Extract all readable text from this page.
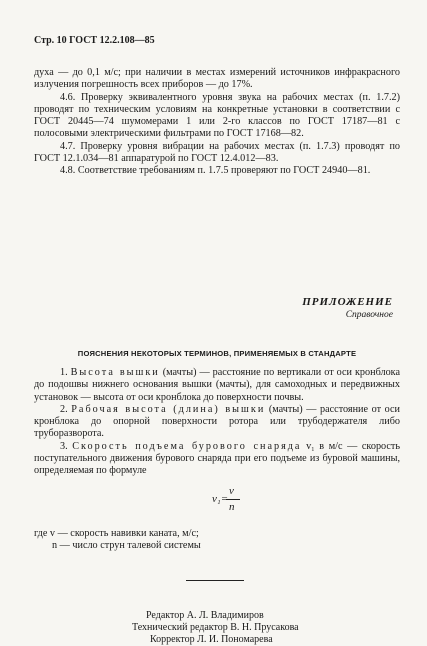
Стр. 10 ГОСТ 12.2.108—85

духа — до 0,1 м/с; при наличии в местах измерений источников инфракрасного излучения погрешность всех приборов — до 17%.

4.6. Проверку эквивалентного уровня звука на рабочих местах (п. 1.7.2) проводят по техническим условиям на конкретные установки в соответствии с ГОСТ 20445—74 шумомерами 1 или 2-го классов по ГОСТ 17187—81 с полосовыми электрическими фильтрами по ГОСТ 17168—82.

4.7. Проверку уровня вибрации на рабочих местах (п. 1.7.3) проводят по ГОСТ 12.1.034—81 аппаратурой по ГОСТ 12.4.012—83.

4.8. Соответствие требованиям п. 1.7.5 проверяют по ГОСТ 24940—81.

ПРИЛОЖЕНИЕ
Справочное
ПОЯСНЕНИЯ НЕКОТОРЫХ ТЕРМИНОВ, ПРИМЕНЯЕМЫХ В СТАНДАРТЕ

1. Высота вышки (мачты) — расстояние по вертикали от оси кронблока до подошвы нижнего основания вышки (мачты), для самоходных и передвижных установок — высота от оси кронблока до поверхности почвы.

2. Рабочая высота (длина) вышки (мачты) — расстояние от оси кронблока до опорной поверхности ротора или трубодержателя либо труборазворота.

3. Скорость подъема бурового снаряда v₁ в м/с — скорость поступательного движения бурового снаряда при его подъеме из буровой машины, определяемая по формуле

v₁=
v
n

где v — скорость навивки каната, м/с;

n — число струн талевой системы

Редактор А. Л. Владимиров
Технический редактор В. Н. Прусакова
Корректор Л. И. Пономарева
